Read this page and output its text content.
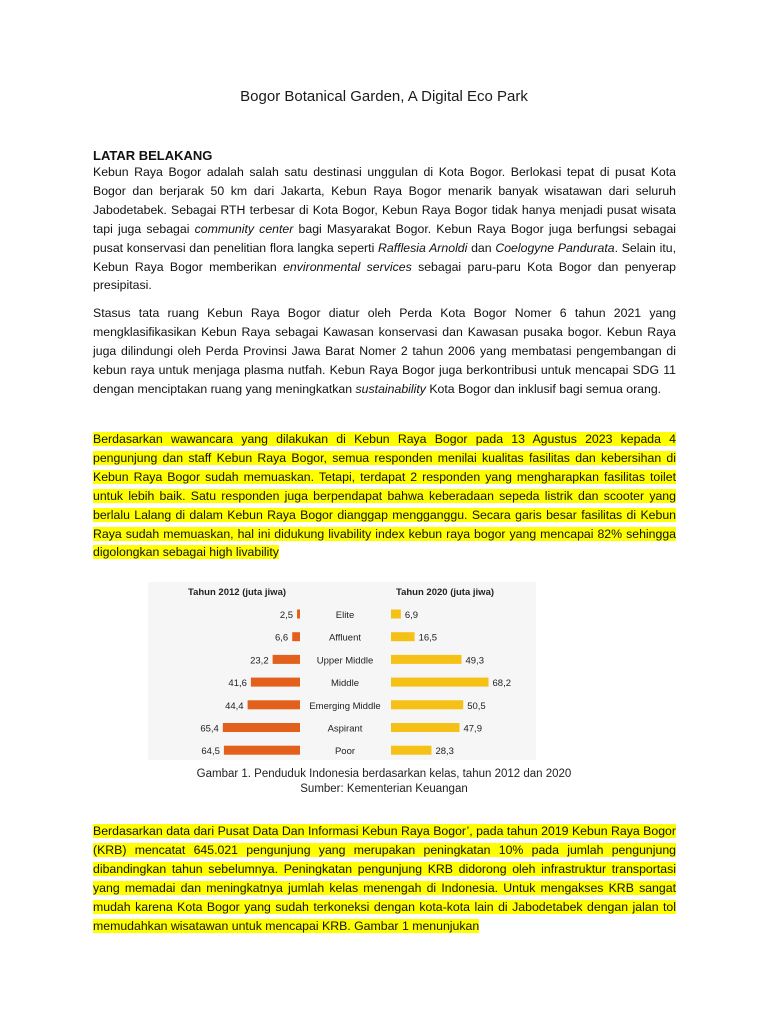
Bogor Botanical Garden, A Digital Eco Park
LATAR BELAKANG

Kebun Raya Bogor adalah salah satu destinasi unggulan di Kota Bogor. Berlokasi tepat di pusat Kota Bogor dan berjarak 50 km dari Jakarta, Kebun Raya Bogor menarik banyak wisatawan dari seluruh Jabodetabek. Sebagai RTH terbesar di Kota Bogor, Kebun Raya Bogor tidak hanya menjadi pusat wisata tapi juga sebagai community center bagi Masyarakat Bogor. Kebun Raya Bogor juga berfungsi sebagai pusat konservasi dan penelitian flora langka seperti Rafflesia Arnoldi dan Coelogyne Pandurata. Selain itu, Kebun Raya Bogor memberikan environmental services sebagai paru-paru Kota Bogor dan penyerap presipitasi.

Stasus tata ruang Kebun Raya Bogor diatur oleh Perda Kota Bogor Nomer 6 tahun 2021 yang mengklasifikasikan Kebun Raya sebagai Kawasan konservasi dan Kawasan pusaka bogor. Kebun Raya juga dilindungi oleh Perda Provinsi Jawa Barat Nomer 2 tahun 2006 yang membatasi pengembangan di kebun raya untuk menjaga plasma nutfah. Kebun Raya Bogor juga berkontribusi untuk mencapai SDG 11 dengan menciptakan ruang yang meningkatkan sustainability Kota Bogor dan inklusif bagi semua orang.

Berdasarkan wawancara yang dilakukan di Kebun Raya Bogor pada 13 Agustus 2023 kepada 4 pengunjung dan staff Kebun Raya Bogor, semua responden menilai kualitas fasilitas dan kebersihan di Kebun Raya Bogor sudah memuaskan. Tetapi, terdapat 2 responden yang mengharapkan fasilitas toilet untuk lebih baik. Satu responden juga berpendapat bahwa keberadaan sepeda listrik dan scooter yang berlalu Lalang di dalam Kebun Raya Bogor dianggap mengganggu. Secara garis besar fasilitas di Kebun Raya sudah memuaskan, hal ini didukung livability index kebun raya bogor yang mencapai 82% sehingga digolongkan sebagai high livability

Tahun 2012 (juta jiwa)	Tahun 2020 (juta jiwa)
Elite
2,5	6,9
Affluent
6,6	16,5
Upper Middle
23,2	49,3
Middle
41,6	68,2
Emerging Middle
44,4	50,5
Aspirant
65,4	47,9
Poor
64,5	28,3
Gambar 1. Penduduk Indonesia berdasarkan kelas, tahun 2012 dan 2020
Sumber: Kementerian Keuangan

Berdasarkan data dari Pusat Data Dan Informasi Kebun Raya Bogor’, pada tahun 2019 Kebun Raya Bogor (KRB) mencatat 645.021 pengunjung yang merupakan peningkatan 10% pada jumlah pengunjung dibandingkan tahun sebelumnya. Peningkatan pengunjung KRB didorong oleh infrastruktur transportasi yang memadai dan meningkatnya jumlah kelas menengah di Indonesia. Untuk mengakses KRB sangat mudah karena Kota Bogor yang sudah terkoneksi dengan kota-kota lain di Jabodetabek dengan jalan tol memudahkan wisatawan untuk mencapai KRB. Gambar 1 menunjukan
